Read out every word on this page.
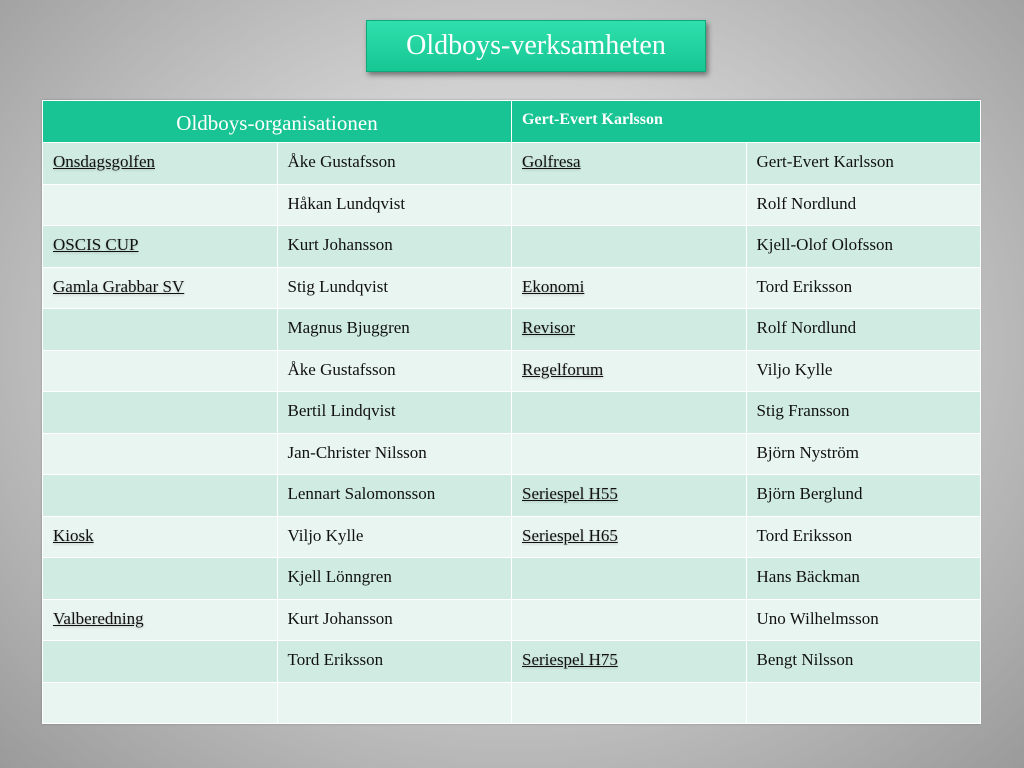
Oldboys-verksamheten
Oldboys-organisationen		Gert-Evert Karlsson	
Onsdagsgolfen	Åke Gustafsson	Golfresa	Gert-Evert Karlsson
	Håkan Lundqvist		Rolf Nordlund
OSCIS CUP	Kurt Johansson		Kjell-Olof Olofsson
Gamla Grabbar SV	Stig Lundqvist	Ekonomi	Tord Eriksson
	Magnus Bjuggren	Revisor	Rolf Nordlund
	Åke Gustafsson	Regelforum	Viljo Kylle
	Bertil Lindqvist		Stig Fransson
	Jan-Christer Nilsson		Björn Nyström
	Lennart Salomonsson	Seriespel H55	Björn Berglund
Kiosk	Viljo Kylle	Seriespel H65	Tord Eriksson
	Kjell Lönngren		Hans Bäckman
Valberedning	Kurt Johansson		Uno Wilhelmsson
	Tord Eriksson	Seriespel H75	Bengt Nilsson
